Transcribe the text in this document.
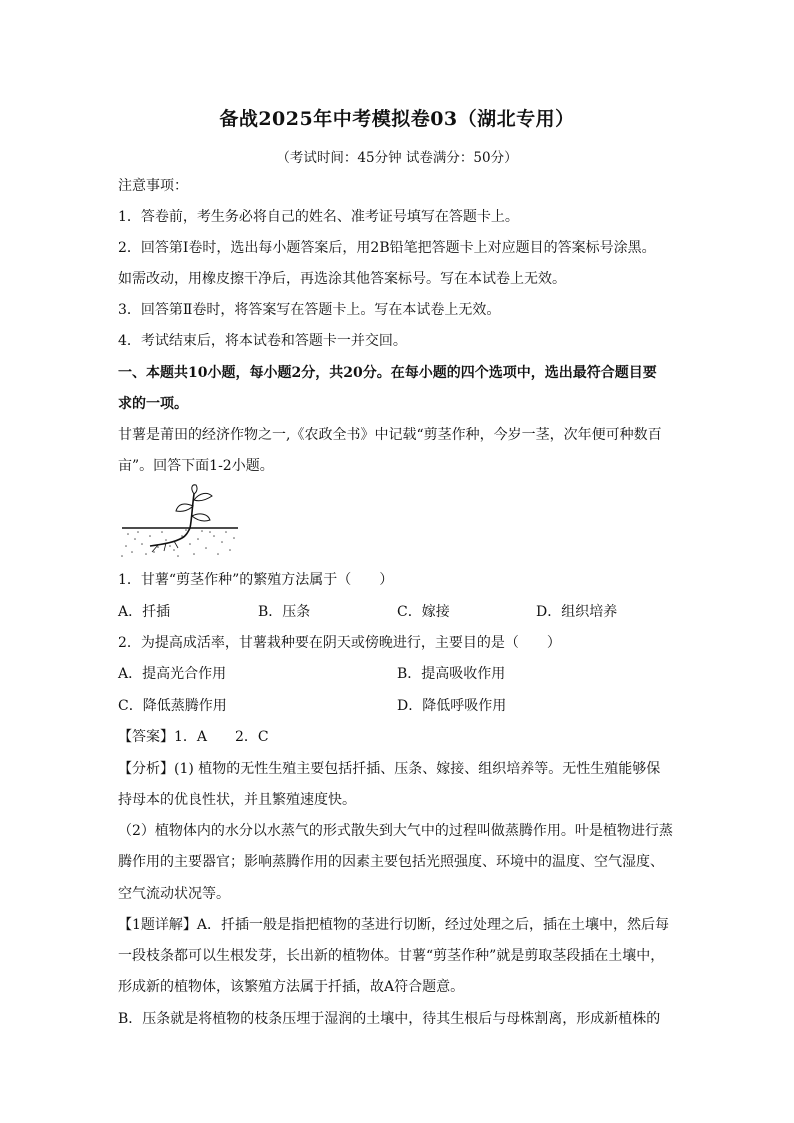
备战2025年中考模拟卷03（湖北专用）
（考试时间：45分钟 试卷满分：50分）
注意事项：
1．答卷前，考生务必将自己的姓名、准考证号填写在答题卡上。
2．回答第Ⅰ卷时，选出每小题答案后，用2B铅笔把答题卡上对应题目的答案标号涂黑。
如需改动，用橡皮擦干净后，再选涂其他答案标号。写在本试卷上无效。
3．回答第Ⅱ卷时，将答案写在答题卡上。写在本试卷上无效。
4．考试结束后，将本试卷和答题卡一并交回。
一、本题共10小题，每小题2分，共20分。在每小题的四个选项中，选出最符合题目要
求的一项。
甘薯是莆田的经济作物之一,《农政全书》中记载“剪茎作种，今岁一茎，次年便可种数百
亩”。回答下面1-2小题。
1．甘薯“剪茎作种”的繁殖方法属于（　　）
A．扦插	B．压条	C．嫁接	D．组织培养
2．为提高成活率，甘薯栽种要在阴天或傍晚进行，主要目的是（　　）
A．提高光合作用	B．提高吸收作用
C．降低蒸腾作用	D．降低呼吸作用
【答案】1．A　　2．C
【分析】(1) 植物的无性生殖主要包括扦插、压条、嫁接、组织培养等。无性生殖能够保
持母本的优良性状，并且繁殖速度快。
（2）植物体内的水分以水蒸气的形式散失到大气中的过程叫做蒸腾作用。叶是植物进行蒸
腾作用的主要器官；影响蒸腾作用的因素主要包括光照强度、环境中的温度、空气湿度、
空气流动状况等。
【1题详解】A．扦插一般是指把植物的茎进行切断，经过处理之后，插在土壤中，然后每
一段枝条都可以生根发芽，长出新的植物体。甘薯“剪茎作种”就是剪取茎段插在土壤中，
形成新的植物体，该繁殖方法属于扦插，故A符合题意。
B．压条就是将植物的枝条压埋于湿润的土壤中，待其生根后与母株割离，形成新植株的
